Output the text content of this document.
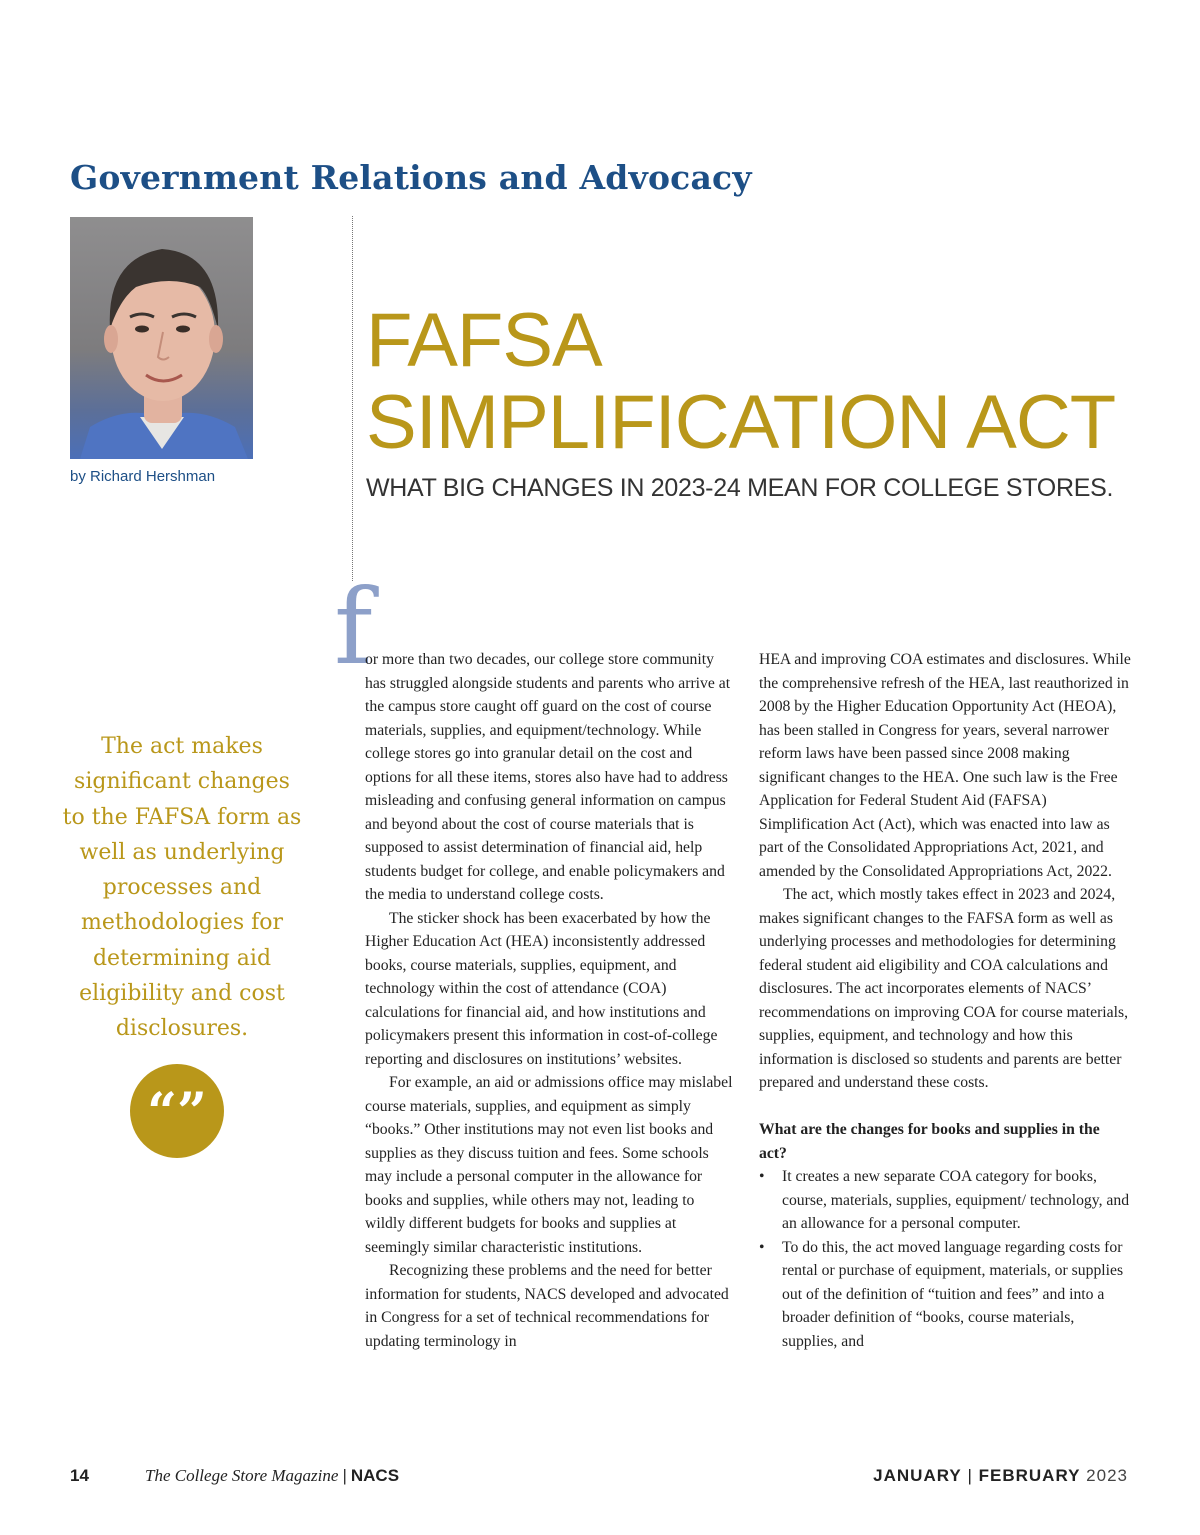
Government Relations and Advocacy
by Richard Hershman
FAFSA
SIMPLIFICATION ACT
WHAT BIG CHANGES IN 2023-24 MEAN FOR COLLEGE STORES.
The act makes significant changes to the FAFSA form as well as underlying processes and methodologies for determining aid eligibility and cost disclosures.
“”
f

or more than two decades, our college store community has struggled alongside students and parents who arrive at the campus store caught off guard on the cost of course materials, supplies, and equipment/technology. While college stores go into granular detail on the cost and options for all these items, stores also have had to address misleading and confusing general information on campus and beyond about the cost of course materials that is supposed to assist determination of financial aid, help students budget for college, and enable policymakers and the media to understand college costs.

The sticker shock has been exacerbated by how the Higher Education Act (HEA) inconsistently addressed books, course materials, supplies, equipment, and technology within the cost of attendance (COA) calculations for financial aid, and how institutions and policymakers present this information in cost-of-college reporting and disclosures on institutions’ websites.

For example, an aid or admissions office may mislabel course materials, supplies, and equipment as simply “books.” Other institutions may not even list books and supplies as they discuss tuition and fees. Some schools may include a personal computer in the allowance for books and supplies, while others may not, leading to wildly different budgets for books and supplies at seemingly similar characteristic institutions.

Recognizing these problems and the need for better information for students, NACS developed and advocated in Congress for a set of technical recommendations for updating terminology in

HEA and improving COA estimates and disclosures. While the comprehensive refresh of the HEA, last reauthorized in 2008 by the Higher Education Opportunity Act (HEOA), has been stalled in Congress for years, several narrower reform laws have been passed since 2008 making significant changes to the HEA. One such law is the Free Application for Federal Student Aid (FAFSA) Simplification Act (Act), which was enacted into law as part of the Consolidated Appropriations Act, 2021, and amended by the Consolidated Appropriations Act, 2022.

The act, which mostly takes effect in 2023 and 2024, makes significant changes to the FAFSA form as well as underlying processes and methodologies for determining federal student aid eligibility and COA calculations and disclosures. The act incorporates elements of NACS’ recommendations on improving COA for course materials, supplies, equipment, and technology and how this information is disclosed so students and parents are better prepared and understand these costs.

What are the changes for books and supplies in the act?

• It creates a new separate COA category for books, course, materials, supplies, equipment/ technology, and an allowance for a personal computer.
• To do this, the act moved language regarding costs for rental or purchase of equipment, materials, or supplies out of the definition of “tuition and fees” and into a broader definition of “books, course materials, supplies, and
14	The College Store Magazine | NACS	JANUARY | FEBRUARY 2023
